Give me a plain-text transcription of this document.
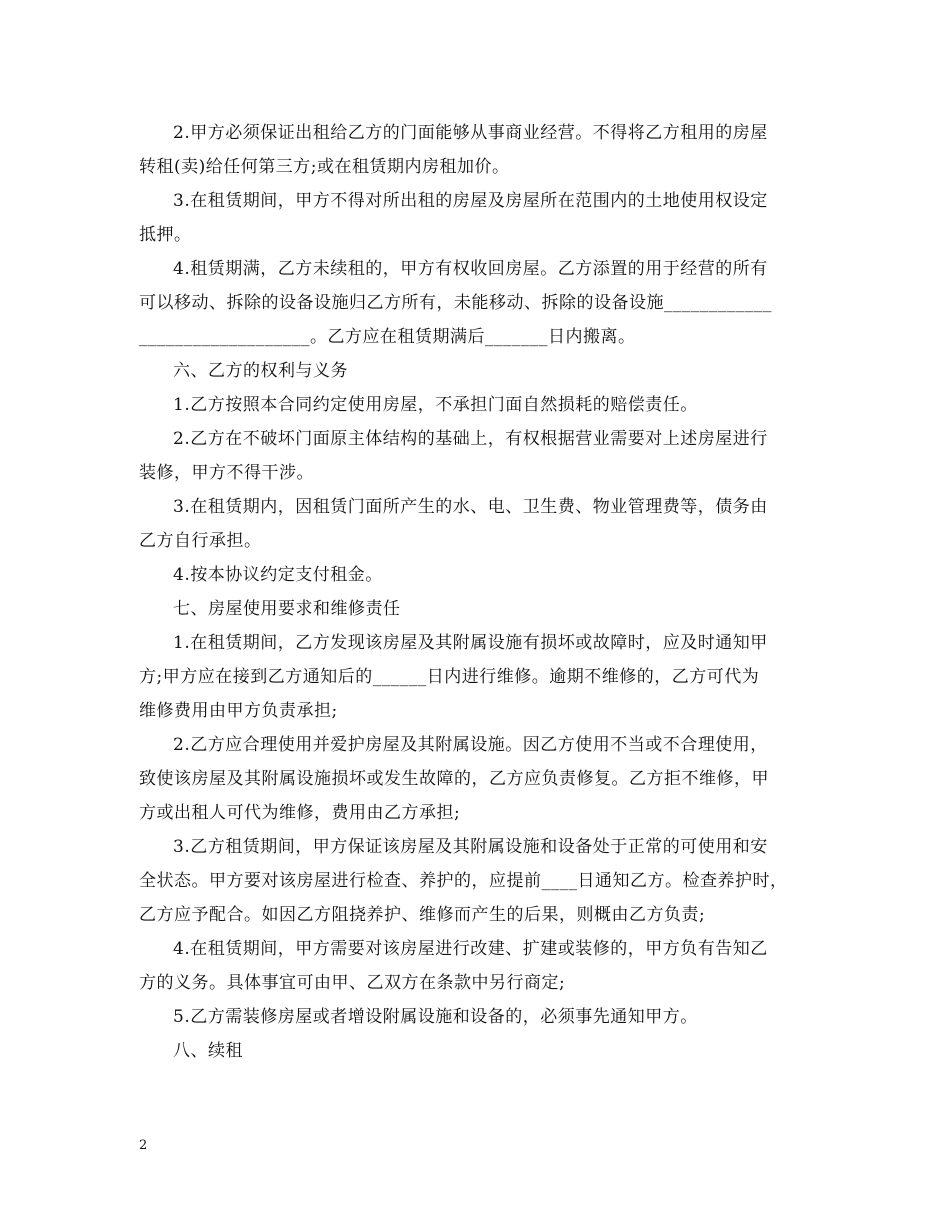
2.甲方必须保证出租给乙方的门面能够从事商业经营。不得将乙方租用的房屋
转租(卖)给任何第三方;或在租赁期内房租加价。
3.在租赁期间，甲方不得对所出租的房屋及房屋所在范围内的土地使用权设定
抵押。
4.租赁期满，乙方未续租的，甲方有权收回房屋。乙方添置的用于经营的所有
可以移动、拆除的设备设施归乙方所有，未能移动、拆除的设备设施____________
___________________。乙方应在租赁期满后_______日内搬离。
六、乙方的权利与义务
1.乙方按照本合同约定使用房屋，不承担门面自然损耗的赔偿责任。
2.乙方在不破坏门面原主体结构的基础上，有权根据营业需要对上述房屋进行
装修，甲方不得干涉。
3.在租赁期内，因租赁门面所产生的水、电、卫生费、物业管理费等，债务由
乙方自行承担。
4.按本协议约定支付租金。
七、房屋使用要求和维修责任
1.在租赁期间，乙方发现该房屋及其附属设施有损坏或故障时，应及时通知甲
方;甲方应在接到乙方通知后的______日内进行维修。逾期不维修的，乙方可代为
维修费用由甲方负责承担;
2.乙方应合理使用并爱护房屋及其附属设施。因乙方使用不当或不合理使用，
致使该房屋及其附属设施损坏或发生故障的，乙方应负责修复。乙方拒不维修，甲
方或出租人可代为维修，费用由乙方承担;
3.乙方租赁期间，甲方保证该房屋及其附属设施和设备处于正常的可使用和安
全状态。甲方要对该房屋进行检查、养护的，应提前____日通知乙方。检查养护时，
乙方应予配合。如因乙方阻挠养护、维修而产生的后果，则概由乙方负责;
4.在租赁期间，甲方需要对该房屋进行改建、扩建或装修的，甲方负有告知乙
方的义务。具体事宜可由甲、乙双方在条款中另行商定;
5.乙方需装修房屋或者增设附属设施和设备的，必须事先通知甲方。
八、续租
2
